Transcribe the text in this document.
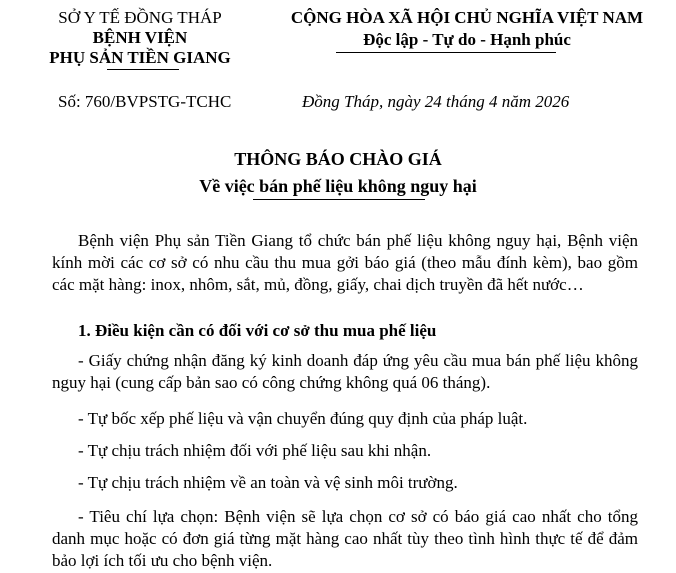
SỞ Y TẾ ĐỒNG THÁP
BỆNH VIỆN
PHỤ SẢN TIỀN GIANG
CỘNG HÒA XÃ HỘI CHỦ NGHĨA VIỆT NAM
Độc lập - Tự do - Hạnh phúc
Số: 760/BVPSTG-TCHC	Đồng Tháp, ngày 24 tháng 4 năm 2026
THÔNG BÁO CHÀO GIÁ
Về việc bán phế liệu không nguy hại
Bệnh viện Phụ sản Tiền Giang tổ chức bán phế liệu không nguy hại, Bệnh viện kính mời các cơ sở có nhu cầu thu mua gởi báo giá (theo mẫu đính kèm), bao gồm các mặt hàng: inox, nhôm, sắt, mủ, đồng, giấy, chai dịch truyền đã hết nước…
1. Điều kiện cần có đối với cơ sở thu mua phế liệu
- Giấy chứng nhận đăng ký kinh doanh đáp ứng yêu cầu mua bán phế liệu không nguy hại (cung cấp bản sao có công chứng không quá 06 tháng).
- Tự bốc xếp phế liệu và vận chuyển đúng quy định của pháp luật.
- Tự chịu trách nhiệm đối với phế liệu sau khi nhận.
- Tự chịu trách nhiệm về an toàn và vệ sinh môi trường.
- Tiêu chí lựa chọn: Bệnh viện sẽ lựa chọn cơ sở có báo giá cao nhất cho tổng danh mục hoặc có đơn giá từng mặt hàng cao nhất tùy theo tình hình thực tế để đảm bảo lợi ích tối ưu cho bệnh viện.
